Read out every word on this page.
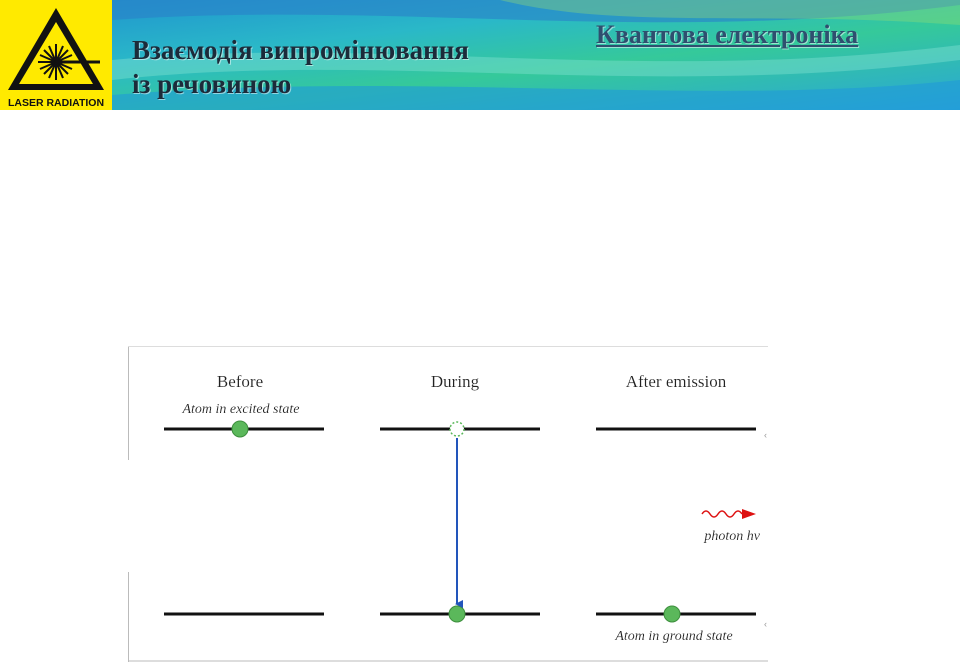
LASER RADIATION
Взаємодія випромінювання
із речовиною
Квантова електроніка
Before	During	After emission
Atom in excited state
Atom in ground state
photon hν
‹
‹
